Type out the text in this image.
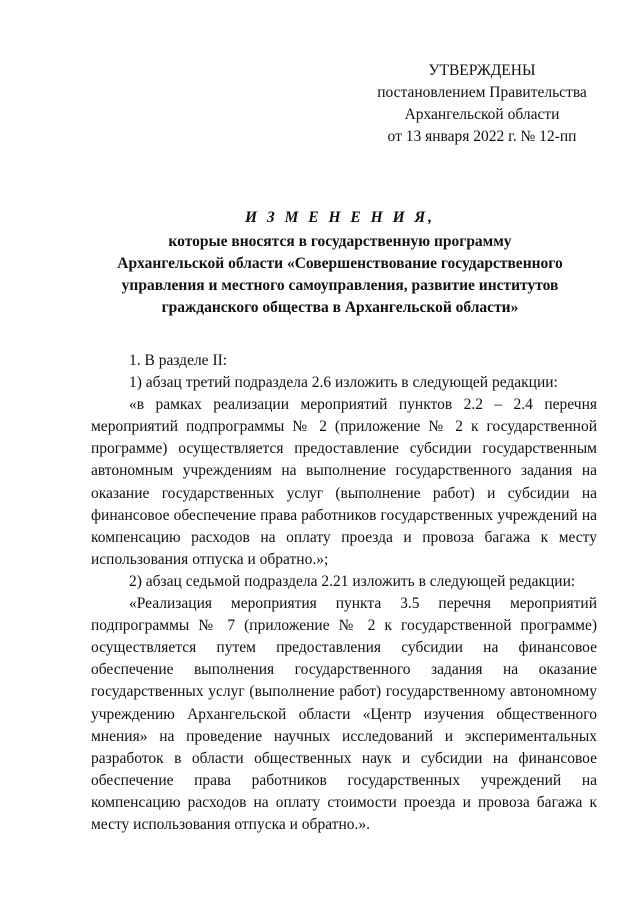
УТВЕРЖДЕНЫ
постановлением Правительства
Архангельской области
от 13 января 2022 г. № 12-пп
И З М Е Н Е Н И Я,
которые вносятся в государственную программу
Архангельской области «Совершенствование государственного
управления и местного самоуправления, развитие институтов
гражданского общества в Архангельской области»

1. В разделе II:

1) абзац третий подраздела 2.6 изложить в следующей редакции:

«в рамках реализации мероприятий пунктов 2.2 – 2.4 перечня мероприятий подпрограммы № 2 (приложение № 2 к государственной программе) осуществляется предоставление субсидии государственным автономным учреждениям на выполнение государственного задания на оказание государственных услуг (выполнение работ) и субсидии на финансовое обеспечение права работников государственных учреждений на компенсацию расходов на оплату проезда и провоза багажа к месту использования отпуска и обратно.»;

2) абзац седьмой подраздела 2.21 изложить в следующей редакции:

«Реализация мероприятия пункта 3.5 перечня мероприятий подпрограммы № 7 (приложение № 2 к государственной программе) осуществляется путем предоставления субсидии на финансовое обеспечение выполнения государственного задания на оказание государственных услуг (выполнение работ) государственному автономному учреждению Архангельской области «Центр изучения общественного мнения» на проведение научных исследований и экспериментальных разработок в области общественных наук и субсидии на финансовое обеспечение права работников государственных учреждений на компенсацию расходов на оплату стоимости проезда и провоза багажа к месту использования отпуска и обратно.».
